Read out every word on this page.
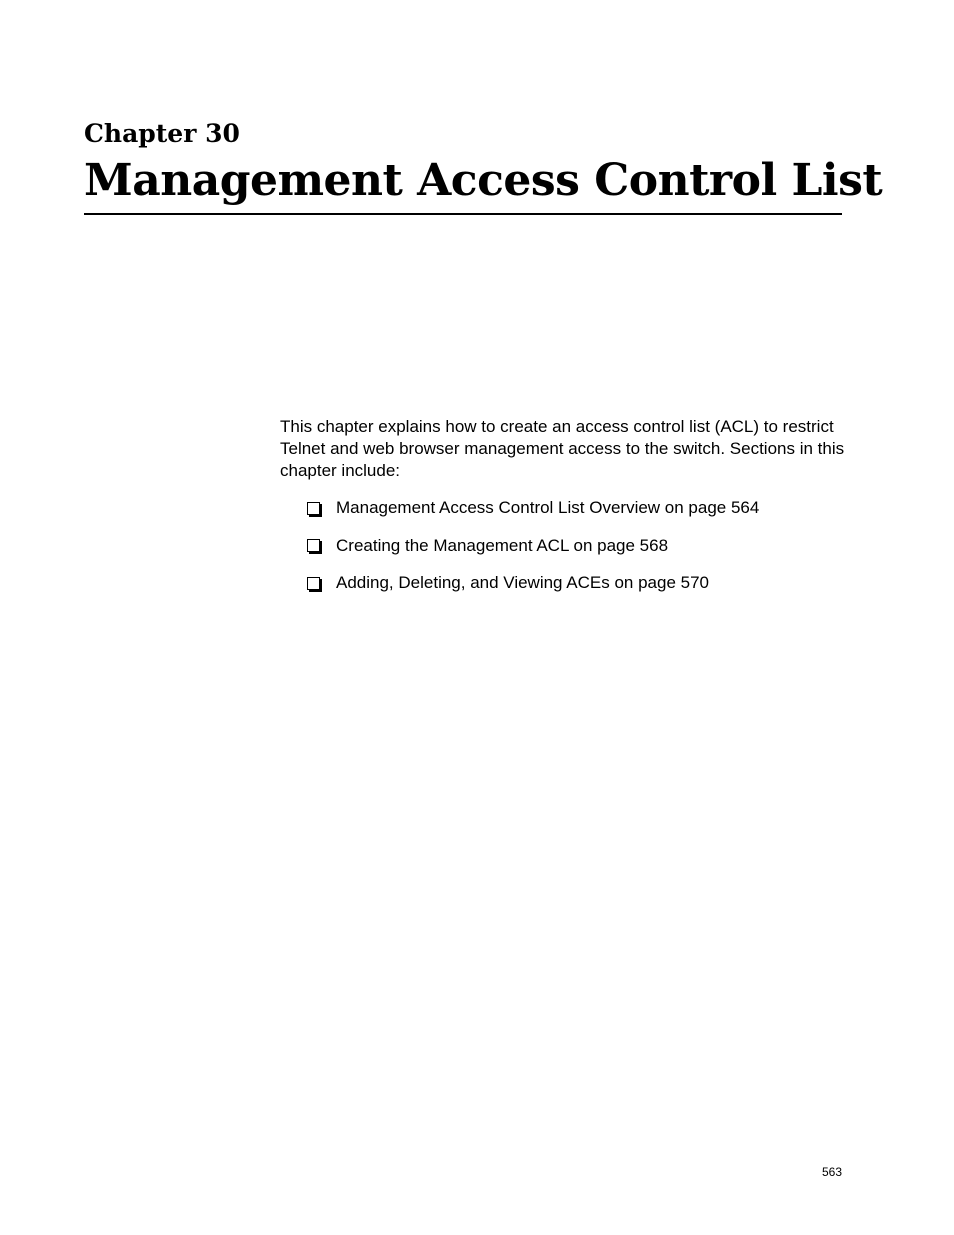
Chapter 30
Management Access Control List

This chapter explains how to create an access control list (ACL) to restrict Telnet and web browser management access to the switch. Sections in this chapter include:

Management Access Control List Overview on page 564
Creating the Management ACL on page 568
Adding, Deleting, and Viewing ACEs on page 570
563
